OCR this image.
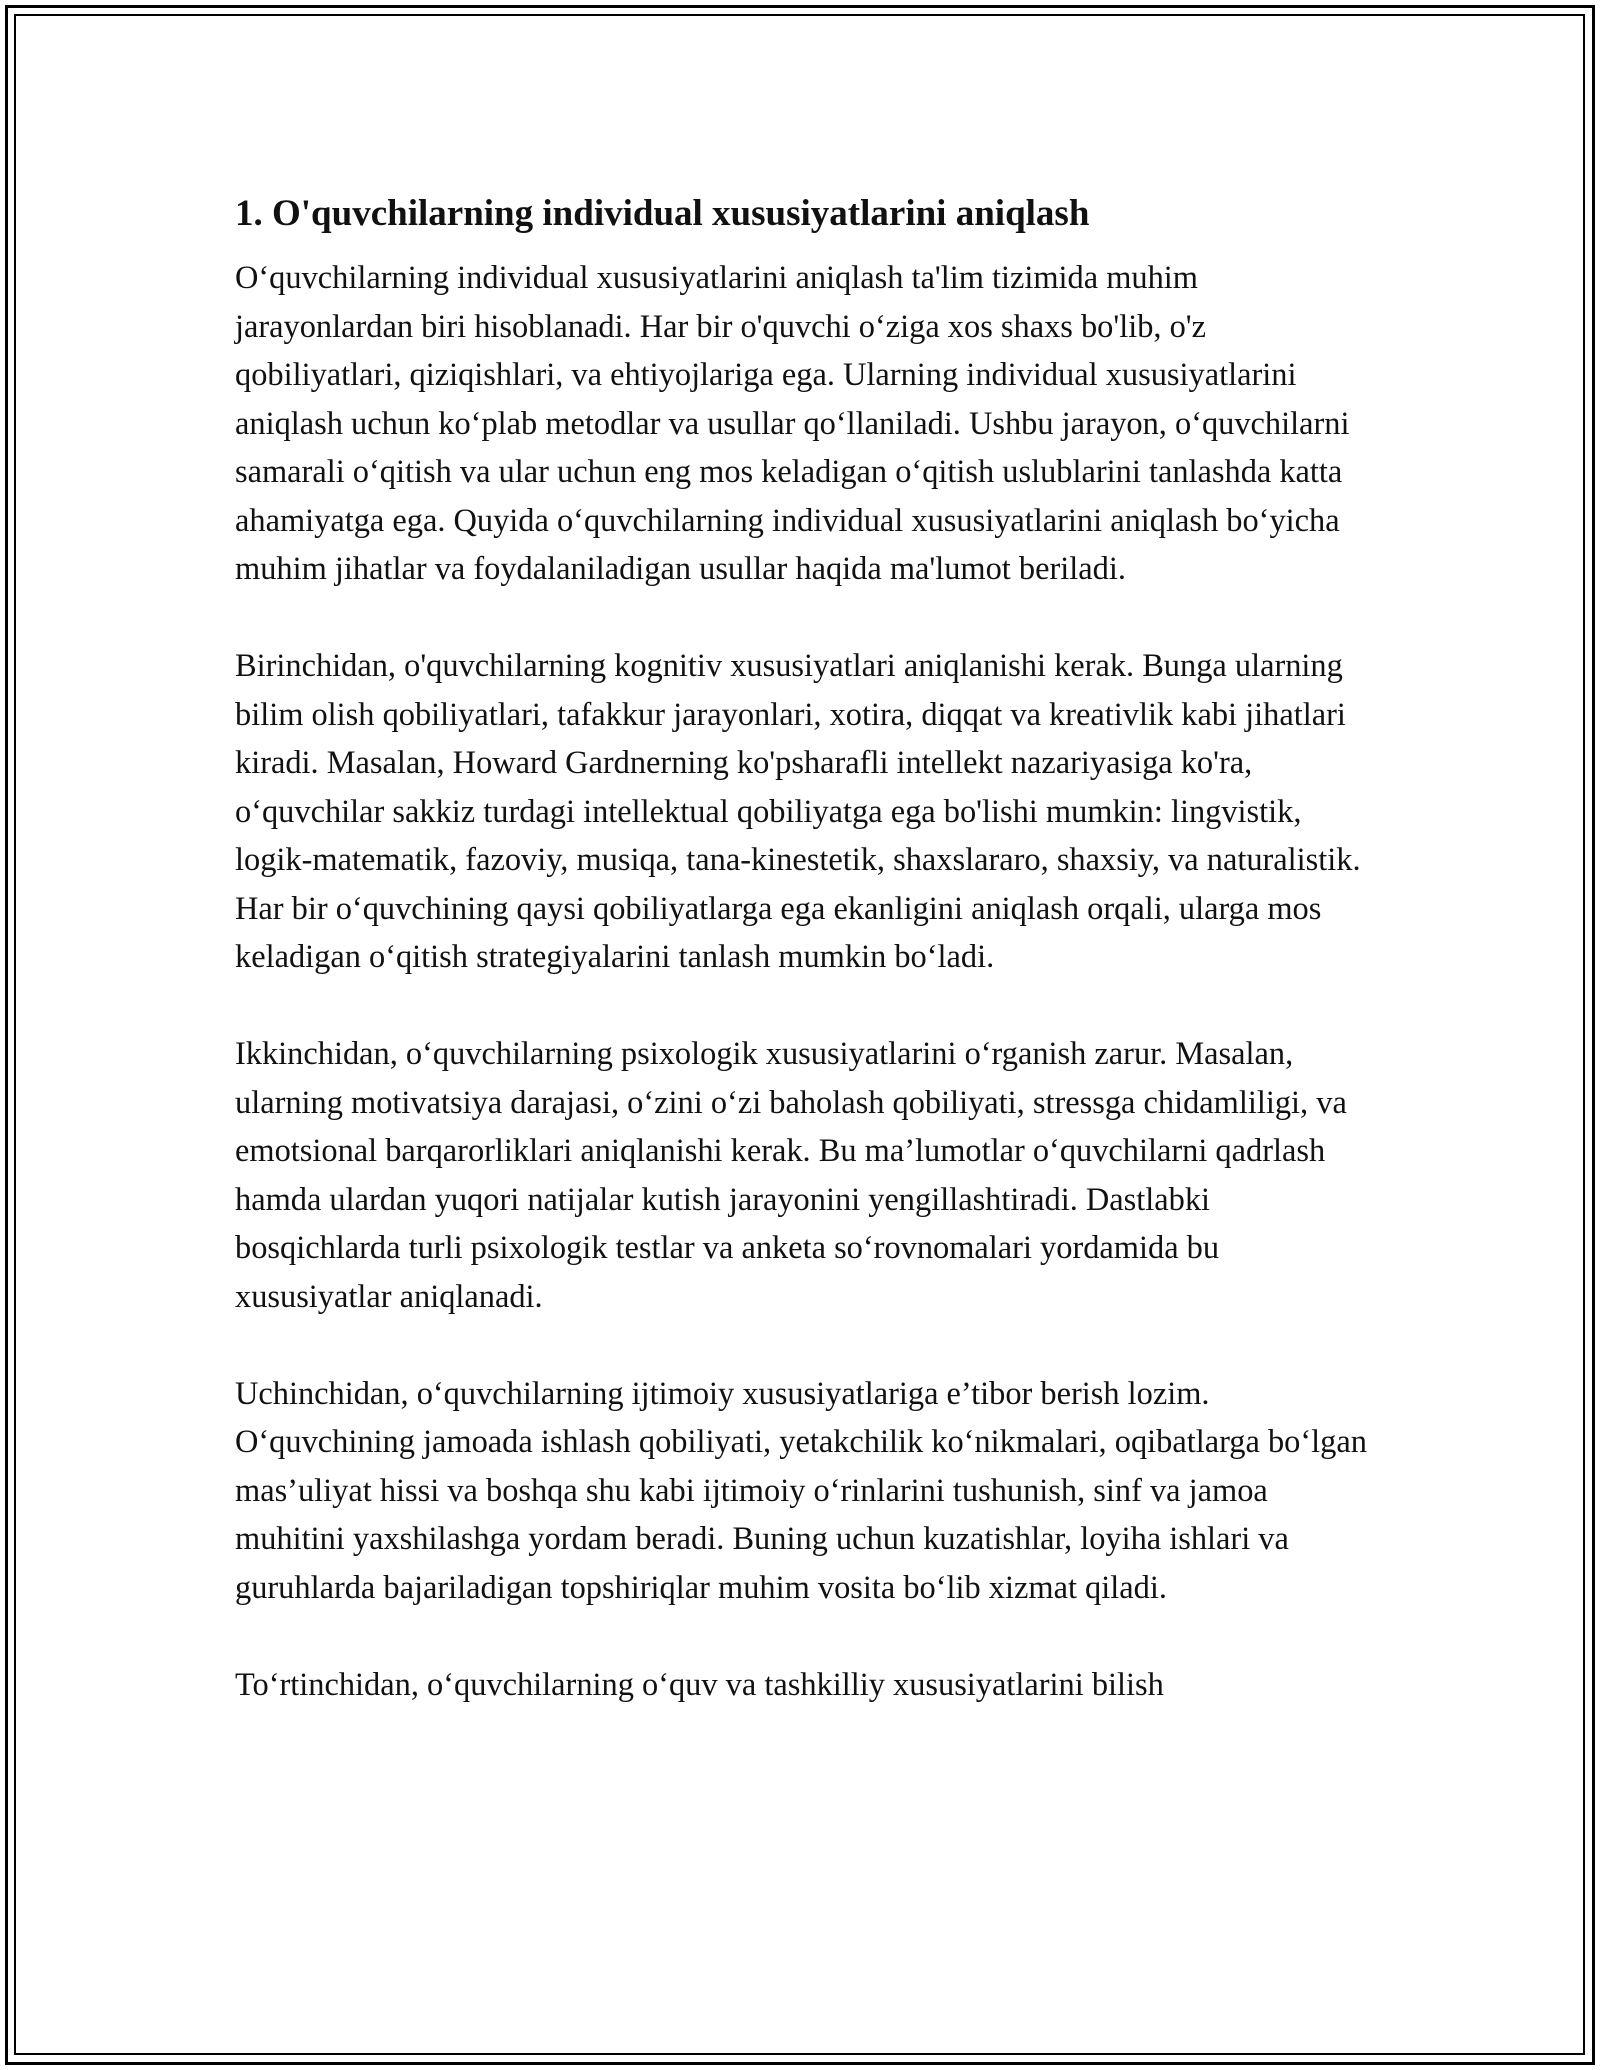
1. O'quvchilarning individual xususiyatlarini aniqlash

O‘quvchilarning individual xususiyatlarini aniqlash ta'lim tizimida muhim jarayonlardan biri hisoblanadi. Har bir o'quvchi o‘ziga xos shaxs bo'lib, o'z qobiliyatlari, qiziqishlari, va ehtiyojlariga ega. Ularning individual xususiyatlarini aniqlash uchun ko‘plab metodlar va usullar qo‘llaniladi. Ushbu jarayon, o‘quvchilarni samarali o‘qitish va ular uchun eng mos keladigan o‘qitish uslublarini tanlashda katta ahamiyatga ega. Quyida o‘quvchilarning individual xususiyatlarini aniqlash bo‘yicha muhim jihatlar va foydalaniladigan usullar haqida ma'lumot beriladi.

Birinchidan, o'quvchilarning kognitiv xususiyatlari aniqlanishi kerak. Bunga ularning bilim olish qobiliyatlari, tafakkur jarayonlari, xotira, diqqat va kreativlik kabi jihatlari kiradi. Masalan, Howard Gardnerning ko'psharafli intellekt nazariyasiga ko'ra, o‘quvchilar sakkiz turdagi intellektual qobiliyatga ega bo'lishi mumkin: lingvistik, logik-matematik, fazoviy, musiqa, tana-kinestetik, shaxslararo, shaxsiy, va naturalistik. Har bir o‘quvchining qaysi qobiliyatlarga ega ekanligini aniqlash orqali, ularga mos keladigan o‘qitish strategiyalarini tanlash mumkin bo‘ladi.

Ikkinchidan, o‘quvchilarning psixologik xususiyatlarini o‘rganish zarur. Masalan, ularning motivatsiya darajasi, o‘zini o‘zi baholash qobiliyati, stressga chidamliligi, va emotsional barqarorliklari aniqlanishi kerak. Bu ma’lumotlar o‘quvchilarni qadrlash hamda ulardan yuqori natijalar kutish jarayonini yengillashtiradi. Dastlabki bosqichlarda turli psixologik testlar va anketa so‘rovnomalari yordamida bu xususiyatlar aniqlanadi.

Uchinchidan, o‘quvchilarning ijtimoiy xususiyatlariga e’tibor berish lozim. O‘quvchining jamoada ishlash qobiliyati, yetakchilik ko‘nikmalari, oqibatlarga bo‘lgan mas’uliyat hissi va boshqa shu kabi ijtimoiy o‘rinlarini tushunish, sinf va jamoa muhitini yaxshilashga yordam beradi. Buning uchun kuzatishlar, loyiha ishlari va guruhlarda bajariladigan topshiriqlar muhim vosita bo‘lib xizmat qiladi.

To‘rtinchidan, o‘quvchilarning o‘quv va tashkilliy xususiyatlarini bilish
